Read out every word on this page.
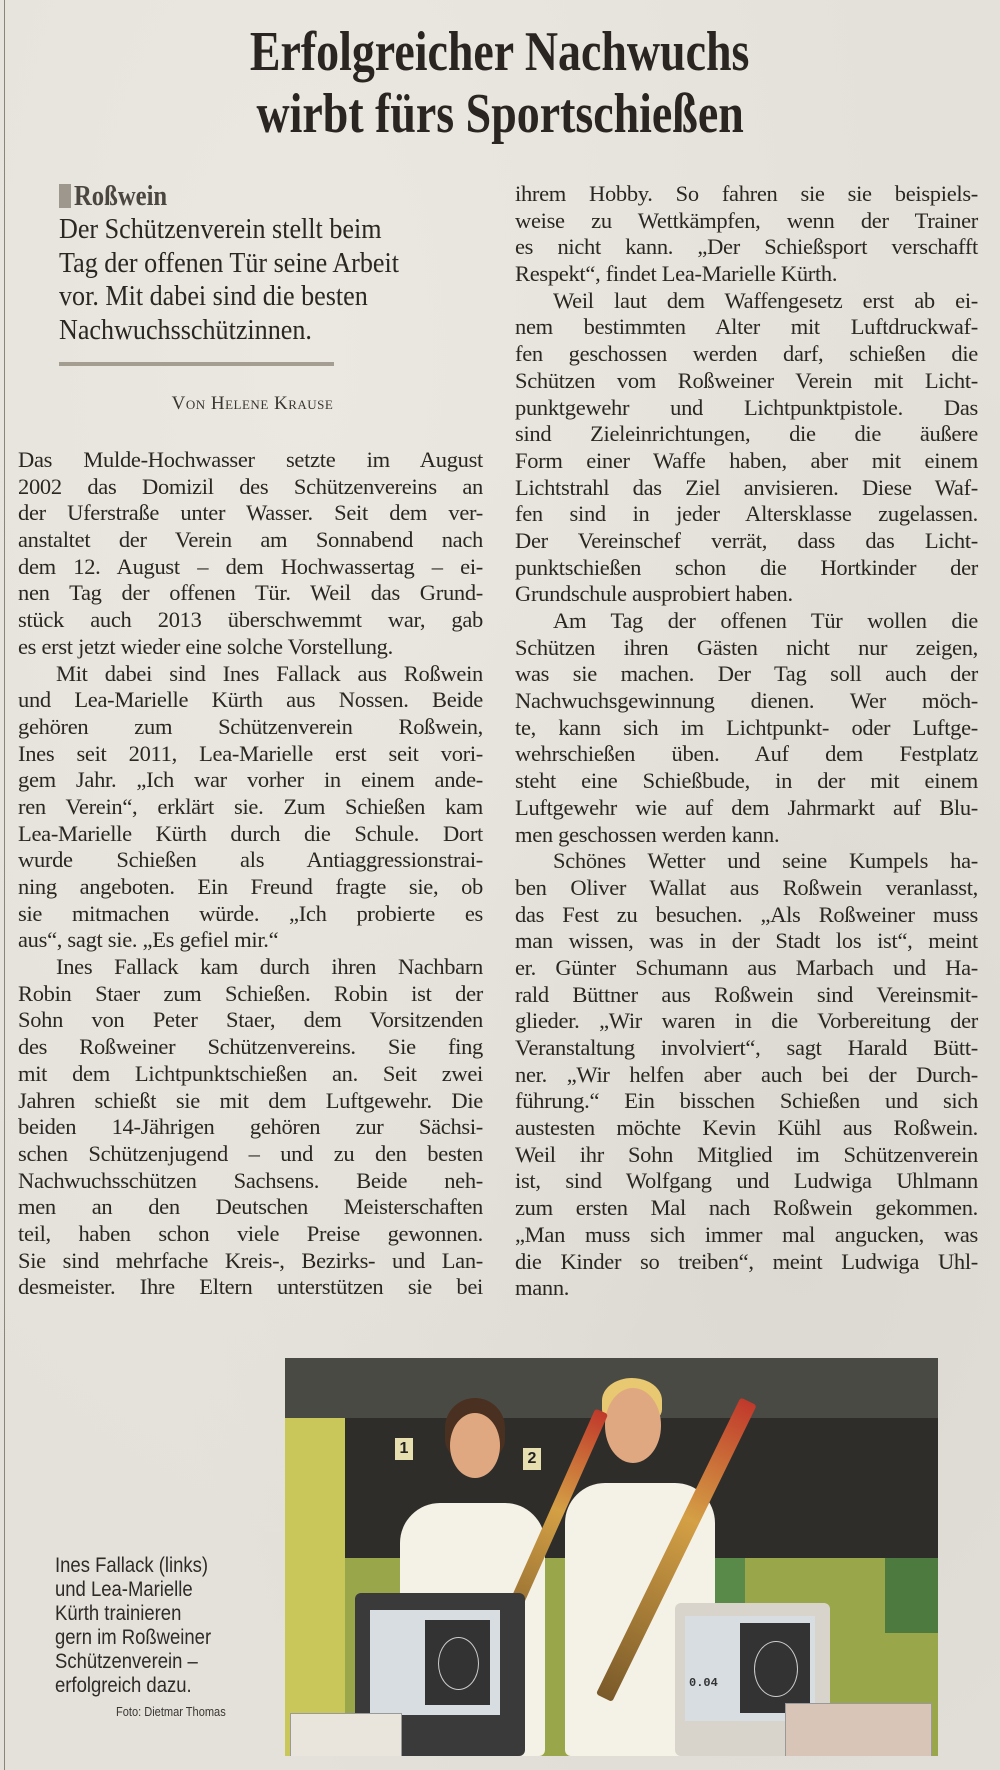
Erfolgreicher Nachwuchs
wirbt fürs Sportschießen
Roßwein
Der Schützenverein stellt beim
Tag der offenen Tür seine Arbeit
vor. Mit dabei sind die besten
Nachwuchsschützinnen.
Von Helene Krause
Das Mulde-Hochwasser setzte im August
2002 das Domizil des Schützenvereins an
der Uferstraße unter Wasser. Seit dem ver-
anstaltet der Verein am Sonnabend nach
dem 12. August – dem Hochwassertag – ei-
nen Tag der offenen Tür. Weil das Grund-
stück auch 2013 überschwemmt war, gab
es erst jetzt wieder eine solche Vorstellung.
Mit dabei sind Ines Fallack aus Roßwein
und Lea-Marielle Kürth aus Nossen. Beide
gehören zum Schützenverein Roßwein,
Ines seit 2011, Lea-Marielle erst seit vori-
gem Jahr. „Ich war vorher in einem ande-
ren Verein“, erklärt sie. Zum Schießen kam
Lea-Marielle Kürth durch die Schule. Dort
wurde Schießen als Antiaggressionstrai-
ning angeboten. Ein Freund fragte sie, ob
sie mitmachen würde. „Ich probierte es
aus“, sagt sie. „Es gefiel mir.“
Ines Fallack kam durch ihren Nachbarn
Robin Staer zum Schießen. Robin ist der
Sohn von Peter Staer, dem Vorsitzenden
des Roßweiner Schützenvereins. Sie fing
mit dem Lichtpunktschießen an. Seit zwei
Jahren schießt sie mit dem Luftgewehr. Die
beiden 14-Jährigen gehören zur Sächsi-
schen Schützenjugend – und zu den besten
Nachwuchsschützen Sachsens. Beide neh-
men an den Deutschen Meisterschaften
teil, haben schon viele Preise gewonnen.
Sie sind mehrfache Kreis-, Bezirks- und Lan-
desmeister. Ihre Eltern unterstützen sie bei
ihrem Hobby. So fahren sie sie beispiels-
weise zu Wettkämpfen, wenn der Trainer
es nicht kann. „Der Schießsport verschafft
Respekt“, findet Lea-Marielle Kürth.
Weil laut dem Waffengesetz erst ab ei-
nem bestimmten Alter mit Luftdruckwaf-
fen geschossen werden darf, schießen die
Schützen vom Roßweiner Verein mit Licht-
punktgewehr und Lichtpunktpistole. Das
sind Zieleinrichtungen, die die äußere
Form einer Waffe haben, aber mit einem
Lichtstrahl das Ziel anvisieren. Diese Waf-
fen sind in jeder Altersklasse zugelassen.
Der Vereinschef verrät, dass das Licht-
punktschießen schon die Hortkinder der
Grundschule ausprobiert haben.
Am Tag der offenen Tür wollen die
Schützen ihren Gästen nicht nur zeigen,
was sie machen. Der Tag soll auch der
Nachwuchsgewinnung dienen. Wer möch-
te, kann sich im Lichtpunkt- oder Luftge-
wehrschießen üben. Auf dem Festplatz
steht eine Schießbude, in der mit einem
Luftgewehr wie auf dem Jahrmarkt auf Blu-
men geschossen werden kann.
Schönes Wetter und seine Kumpels ha-
ben Oliver Wallat aus Roßwein veranlasst,
das Fest zu besuchen. „Als Roßweiner muss
man wissen, was in der Stadt los ist“, meint
er. Günter Schumann aus Marbach und Ha-
rald Büttner aus Roßwein sind Vereinsmit-
glieder. „Wir waren in die Vorbereitung der
Veranstaltung involviert“, sagt Harald Bütt-
ner. „Wir helfen aber auch bei der Durch-
führung.“ Ein bisschen Schießen und sich
austesten möchte Kevin Kühl aus Roßwein.
Weil ihr Sohn Mitglied im Schützenverein
ist, sind Wolfgang und Ludwiga Uhlmann
zum ersten Mal nach Roßwein gekommen.
„Man muss sich immer mal angucken, was
die Kinder so treiben“, meint Ludwiga Uhl-
mann.
1
2
0.04
Ines Fallack (links)
und Lea-Marielle
Kürth trainieren
gern im Roßweiner
Schützenverein –
erfolgreich dazu.
Foto: Dietmar Thomas
